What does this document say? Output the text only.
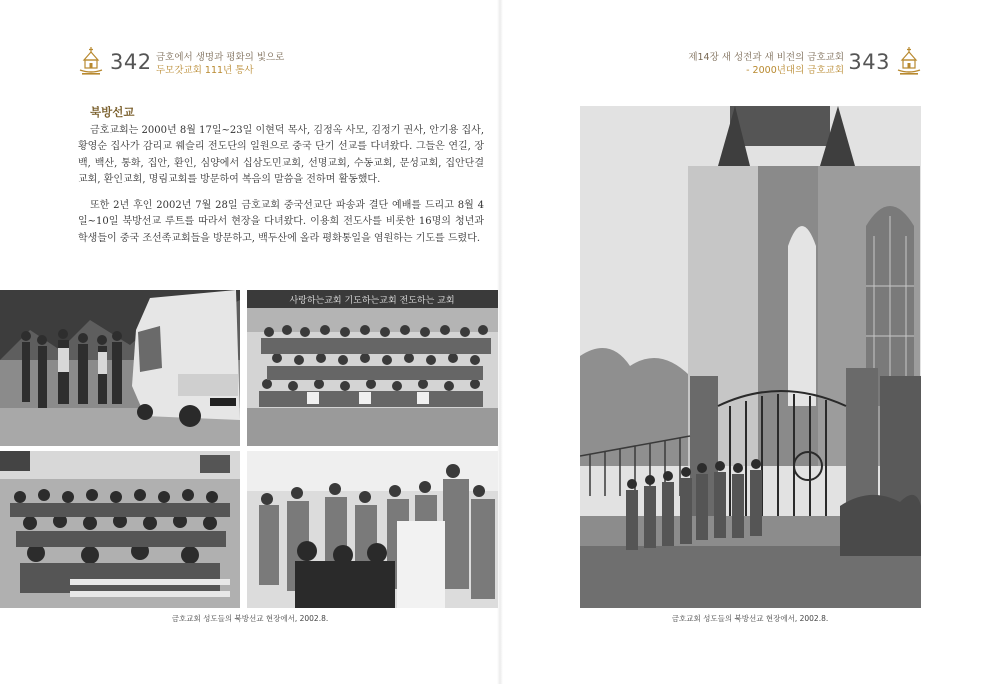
342 금호에서 생명과 평화의 빛으로
두모갓교회 111년 통사	343
제14장 새 성전과 새 비전의 금호교회
- 2000년대의 금호교회
북방선교
금호교회는 2000년 8월 17일~23일 이현덕 목사, 김정옥 사모, 김정기 권사, 안기용 집사, 황영순 집사가 감리교 웨슬리 전도단의 일원으로 중국 단기 선교를 다녀왔다. 그들은 연길, 장백, 백산, 통화, 집안, 환인, 심양에서 십삼도민교회, 선명교회, 수동교회, 문성교회, 집안단결교회, 환인교회, 명림교회를 방문하여 복음의 말씀을 전하며 활동했다.
또한 2년 후인 2002년 7월 28일 금호교회 중국선교단 파송과 결단 예배를 드리고 8월 4일~10일 북방선교 루트를 따라서 현장을 다녀왔다. 이용희 전도사를 비롯한 16명의 청년과 학생들이 중국 조선족교회들을 방문하고, 백두산에 올라 평화통일을 염원하는 기도를 드렸다.
사랑하는교회 기도하는교회 전도하는 교회
금호교회 성도들의 북방선교 현장에서, 2002.8.	금호교회 성도들의 북방선교 현장에서, 2002.8.
